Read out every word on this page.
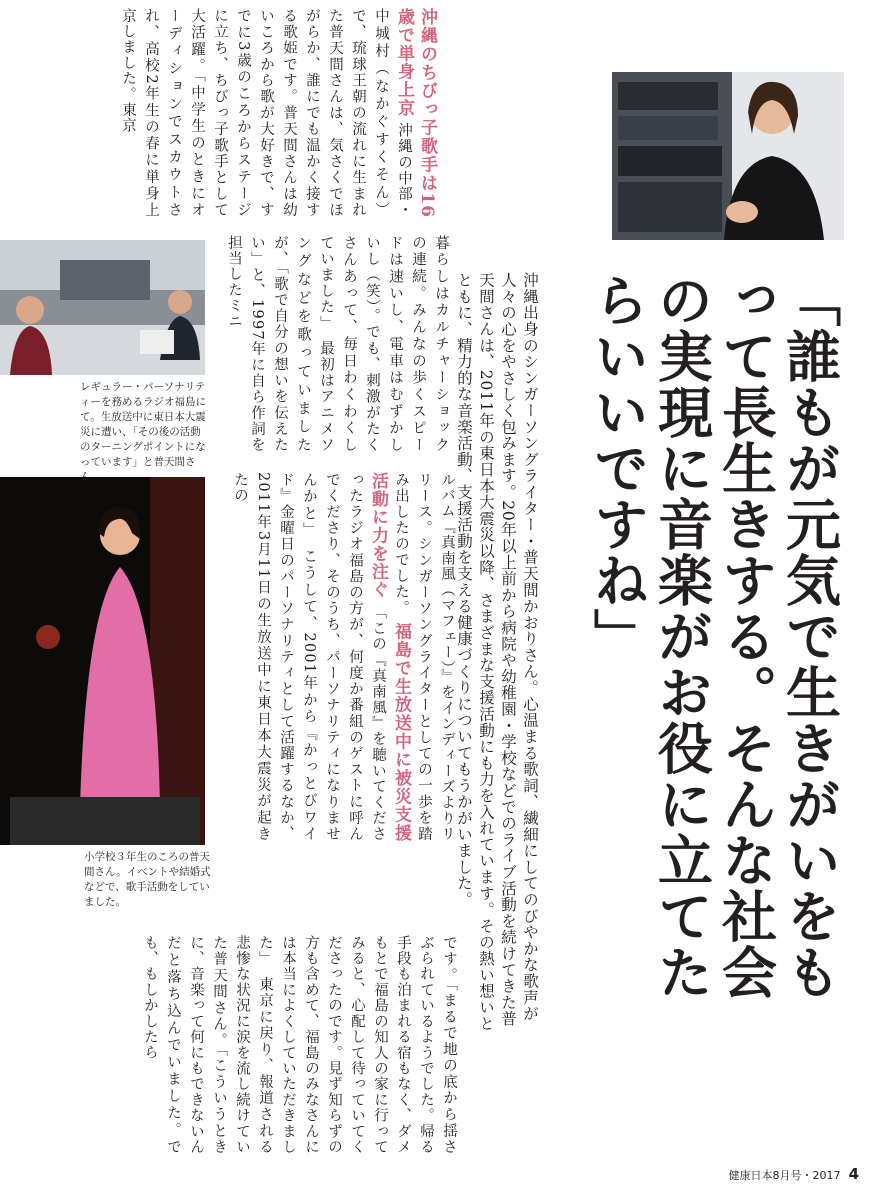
「誰もが元気で生きがいをもって長生きする。そんな社会の実現に音楽がお役に立てたらいいですね」
沖縄出身のシンガーソングライター・普天間かおりさん。心温まる歌詞、繊細にしてのびやかな歌声が人々の心をやさしく包みます。20年以上前から病院や幼稚園・学校などでのライブ活動を続けてきた普天間さんは、2011年の東日本大震災以降、さまざまな支援活動にも力を入れています。その熱い想いとともに、精力的な音楽活動、支援活動を支える健康づくりについてもうかがいました。
沖縄のちびっ子歌手は16歳で単身上京 沖縄の中部・中城村（なかぐすくそん）で、琉球王朝の流れに生まれた普天間さんは、気さくでほがらか、誰にでも温かく接する歌姫です。普天間さんは幼いころから歌が大好きで、すでに3歳のころからステージに立ち、ちびっ子歌手として大活躍。「中学生のときにオーディションでスカウトされ、高校2年生の春に単身上京しました。東京
レギュラー・パーソナリティーを務めるラジオ福島にて。生放送中に東日本大震災に遭い、「その後の活動のターニングポイントになっています」と普天間さ
暮らしはカルチャーショックの連続。みんなの歩くスピードは速いし、電車はむずかしいし（笑）。でも、刺激がたくさんあって、毎日わくわくしていました」　最初はアニメソングなどを歌っていましたが、「歌で自分の想いを伝えたい」と、1997年に自ら作詞を担当したミニ
ルバム『真南風（マフェー）』をインディーズよりリリース。シンガーソングライターとしての一歩を踏み出したのでした。 福島で生放送中に被災支援活動に力を注ぐ 「この『真南風』を聴いてくださったラジオ福島の方が、何度か番組のゲストに呼んでくださり、そのうち、パーソナリティになりませんかと」　こうして、2001年から『かっとびワイド』金曜日のパーソナリティとして活躍するなか、2011年3月11日の生放送中に東日本大震災が起きたの
小学校３年生のころの普天間さん。イベントや結婚式などで、歌手活動をしていました。
です。「まるで地の底から揺さぶられているようでした。帰る手段も泊まれる宿もなく、ダメもとで福島の知人の家に行ってみると、心配して待っていてくださったのです。見ず知らずの方も含めて、福島のみなさんには本当によくしていただきました」　東京に戻り、報道される悲惨な状況に涙を流し続けていた普天間さん。「こういうときに、音楽って何にもできないんだと落ち込んでいました。でも、もしかしたら
健康日本8月号・2017 4
